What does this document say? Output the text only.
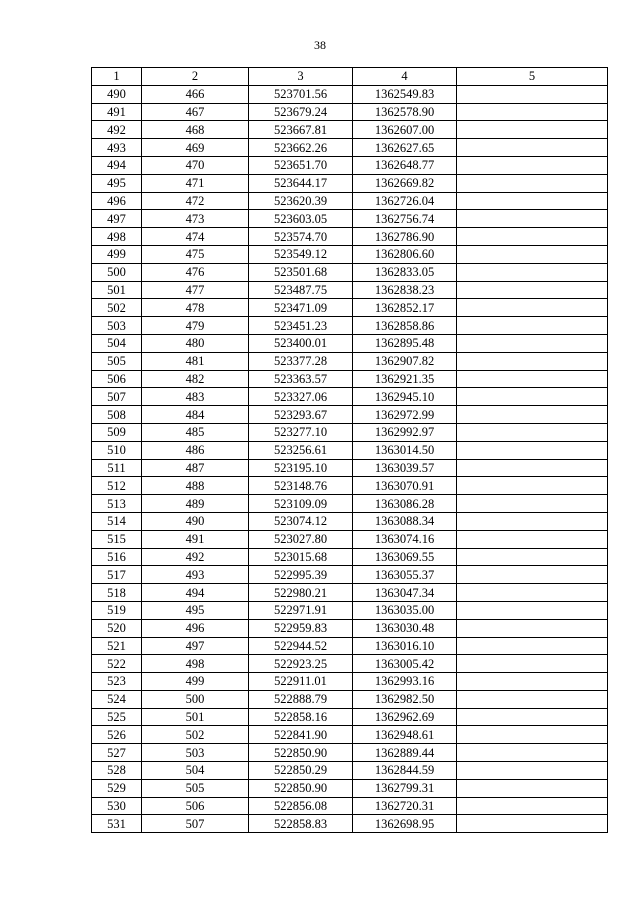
38
1	2	3	4	5
490	466	523701.56	1362549.83	
491	467	523679.24	1362578.90	
492	468	523667.81	1362607.00	
493	469	523662.26	1362627.65	
494	470	523651.70	1362648.77	
495	471	523644.17	1362669.82	
496	472	523620.39	1362726.04	
497	473	523603.05	1362756.74	
498	474	523574.70	1362786.90	
499	475	523549.12	1362806.60	
500	476	523501.68	1362833.05	
501	477	523487.75	1362838.23	
502	478	523471.09	1362852.17	
503	479	523451.23	1362858.86	
504	480	523400.01	1362895.48	
505	481	523377.28	1362907.82	
506	482	523363.57	1362921.35	
507	483	523327.06	1362945.10	
508	484	523293.67	1362972.99	
509	485	523277.10	1362992.97	
510	486	523256.61	1363014.50	
511	487	523195.10	1363039.57	
512	488	523148.76	1363070.91	
513	489	523109.09	1363086.28	
514	490	523074.12	1363088.34	
515	491	523027.80	1363074.16	
516	492	523015.68	1363069.55	
517	493	522995.39	1363055.37	
518	494	522980.21	1363047.34	
519	495	522971.91	1363035.00	
520	496	522959.83	1363030.48	
521	497	522944.52	1363016.10	
522	498	522923.25	1363005.42	
523	499	522911.01	1362993.16	
524	500	522888.79	1362982.50	
525	501	522858.16	1362962.69	
526	502	522841.90	1362948.61	
527	503	522850.90	1362889.44	
528	504	522850.29	1362844.59	
529	505	522850.90	1362799.31	
530	506	522856.08	1362720.31	
531	507	522858.83	1362698.95	
